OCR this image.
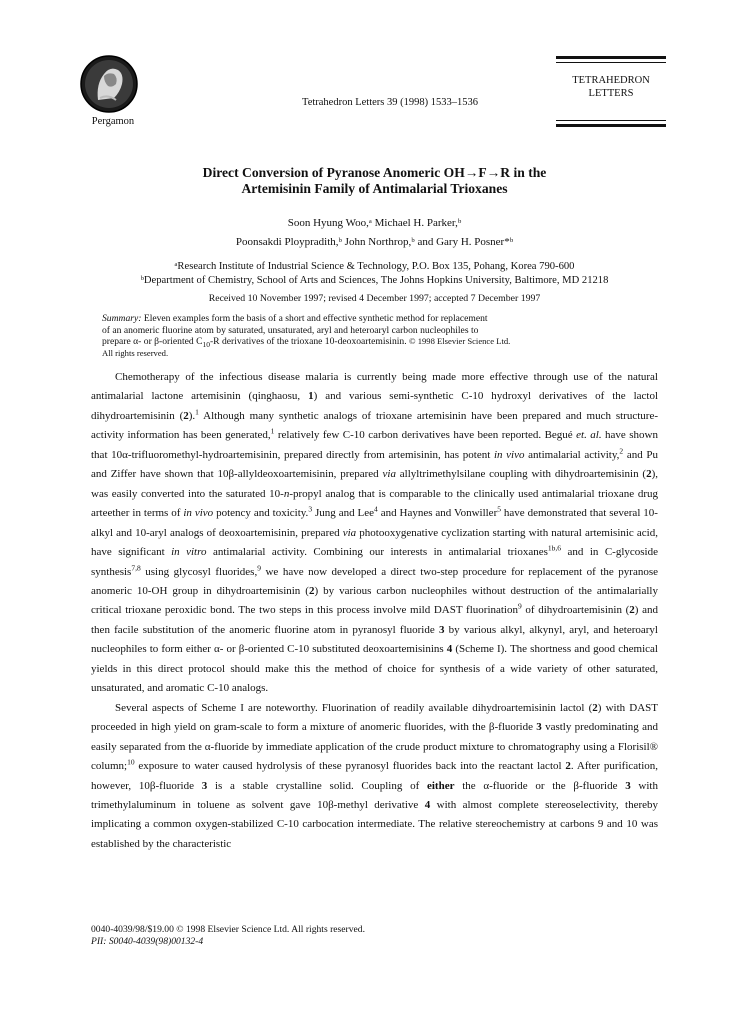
Pergamon
Tetrahedron Letters 39 (1998) 1533–1536
TETRAHEDRON
LETTERS
Direct Conversion of Pyranose Anomeric OH→F→R in the
Artemisinin Family of Antimalarial Trioxanes
Soon Hyung Woo,ᵃ Michael H. Parker,ᵇ
Poonsakdi Ploypradith,ᵇ John Northrop,ᵇ and Gary H. Posner*ᵇ
ᵃResearch Institute of Industrial Science & Technology, P.O. Box 135, Pohang, Korea 790-600
ᵇDepartment of Chemistry, School of Arts and Sciences, The Johns Hopkins University, Baltimore, MD 21218
Received 10 November 1997; revised 4 December 1997; accepted 7 December 1997
Summary: Eleven examples form the basis of a short and effective synthetic method for replacement
of an anomeric fluorine atom by saturated, unsaturated, aryl and heteroaryl carbon nucleophiles to
prepare α- or β-oriented $C_{10}-R$ derivatives of the trioxane 10-deoxoartemisinin. © 1998 Elsevier Science Ltd.
All rights reserved.

Chemotherapy of the infectious disease malaria is currently being made more effective through use of the natural antimalarial lactone artemisinin (qinghaosu, 1) and various semi-synthetic C-10 hydroxyl derivatives of the lactol dihydroartemisinin (2).$^1$ Although many synthetic analogs of trioxane artemisinin have been prepared and much structure-activity information has been generated,$^1$ relatively few C-10 carbon derivatives have been reported. Begué et. al. have shown that 10α-trifluoromethyl-hydroartemisinin, prepared directly from artemisinin, has potent in vivo antimalarial activity,$^2$ and Pu and Ziffer have shown that 10β-allyldeoxoartemisinin, prepared via allyltrimethylsilane coupling with dihydroartemisinin (2), was easily converted into the saturated 10-n-propyl analog that is comparable to the clinically used antimalarial trioxane drug arteether in terms of in vivo potency and toxicity.$^3$ Jung and Lee$^4$ and Haynes and Vonwiller$^5$ have demonstrated that several 10-alkyl and 10-aryl analogs of deoxoartemisinin, prepared via photooxygenative cyclization starting with natural artemisinic acid, have significant in vitro antimalarial activity. Combining our interests in antimalarial trioxanes$^{1b,6}$ and in C-glycoside synthesis$^{7,8}$ using glycosyl fluorides,$^9$ we have now developed a direct two-step procedure for replacement of the pyranose anomeric 10-OH group in dihydroartemisinin (2) by various carbon nucleophiles without destruction of the antimalarially critical trioxane peroxidic bond. The two steps in this process involve mild DAST fluorination$^9$ of dihydroartemisinin (2) and then facile substitution of the anomeric fluorine atom in pyranosyl fluoride 3 by various alkyl, alkynyl, aryl, and heteroaryl nucleophiles to form either α- or β-oriented C-10 substituted deoxoartemisinins 4 (Scheme I). The shortness and good chemical yields in this direct protocol should make this the method of choice for synthesis of a wide variety of other saturated, unsaturated, and aromatic C-10 analogs.

Several aspects of Scheme I are noteworthy. Fluorination of readily available dihydroartemisinin lactol (2) with DAST proceeded in high yield on gram-scale to form a mixture of anomeric fluorides, with the β-fluoride 3 vastly predominating and easily separated from the α-fluoride by immediate application of the crude product mixture to chromatography using a Florisil® column;$^{10}$ exposure to water caused hydrolysis of these pyranosyl fluorides back into the reactant lactol 2. After purification, however, 10β-fluoride 3 is a stable crystalline solid. Coupling of either the α-fluoride or the β-fluoride 3 with trimethylaluminum in toluene as solvent gave 10β-methyl derivative 4 with almost complete stereoselectivity, thereby implicating a common oxygen-stabilized C-10 carbocation intermediate. The relative stereochemistry at carbons 9 and 10 was established by the characteristic

0040-4039/98/$19.00 © 1998 Elsevier Science Ltd. All rights reserved.
PII: S0040-4039(98)00132-4
